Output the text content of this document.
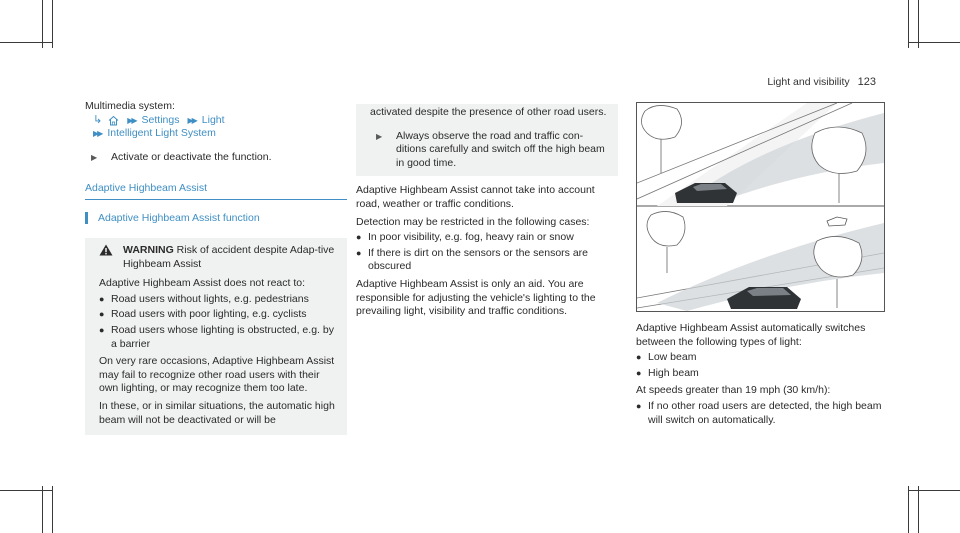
Light and visibility 123
Multimedia system:
↳	▶▶ Settings ▶▶ Light
▶▶ Intelligent Light System
▶	Activate or deactivate the function.
Adaptive Highbeam Assist
Adaptive Highbeam Assist function

WARNING Risk of accident despite Adap-tive Highbeam Assist

Adaptive Highbeam Assist does not react to:

● Road users without lights, e.g. pedestrians
● Road users with poor lighting, e.g. cyclists
● Road users whose lighting is obstructed, e.g. by a barrier

On very rare occasions, Adaptive Highbeam Assist may fail to recognize other road users with their own lighting, or may recognize them too late.

In these, or in similar situations, the automatic high beam will not be deactivated or will be

activated despite the presence of other road users.

▶	Always observe the road and traffic con-ditions carefully and switch off the high beam in good time.

Adaptive Highbeam Assist cannot take into account road, weather or traffic conditions.

Detection may be restricted in the following cases:

● In poor visibility, e.g. fog, heavy rain or snow
● If there is dirt on the sensors or the sensors are obscured

Adaptive Highbeam Assist is only an aid. You are responsible for adjusting the vehicle's lighting to the prevailing light, visibility and traffic conditions.

Adaptive Highbeam Assist automatically switches between the following types of light:

● Low beam
● High beam

At speeds greater than 19 mph (30 km/h):

● If no other road users are detected, the high beam will switch on automatically.
